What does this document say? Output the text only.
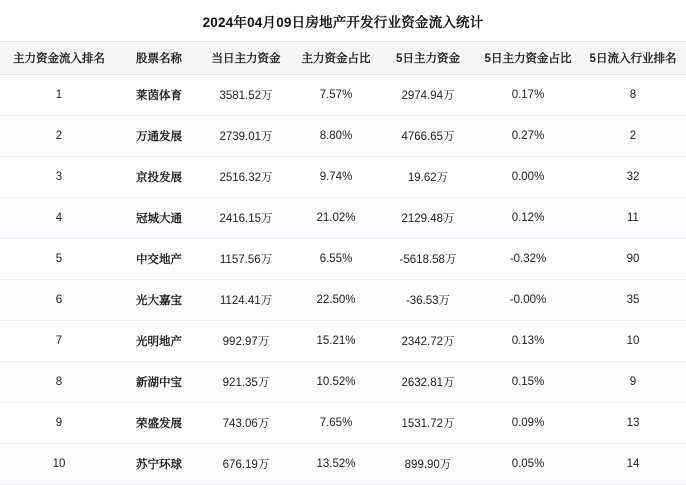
2024年04月09日房地产开发行业资金流入统计
主力资金流入排名	股票名称	当日主力资金	主力资金占比	5日主力资金	5日主力资金占比	5日流入行业排名
1	莱茵体育	3581.52万	7.57%	2974.94万	0.17%	8
2	万通发展	2739.01万	8.80%	4766.65万	0.27%	2
3	京投发展	2516.32万	9.74%	19.62万	0.00%	32
4	冠城大通	2416.15万	21.02%	2129.48万	0.12%	11
5	中交地产	1157.56万	6.55%	-5618.58万	-0.32%	90
6	光大嘉宝	1124.41万	22.50%	-36.53万	-0.00%	35
7	光明地产	992.97万	15.21%	2342.72万	0.13%	10
8	新湖中宝	921.35万	10.52%	2632.81万	0.15%	9
9	荣盛发展	743.06万	7.65%	1531.72万	0.09%	13
10	苏宁环球	676.19万	13.52%	899.90万	0.05%	14
